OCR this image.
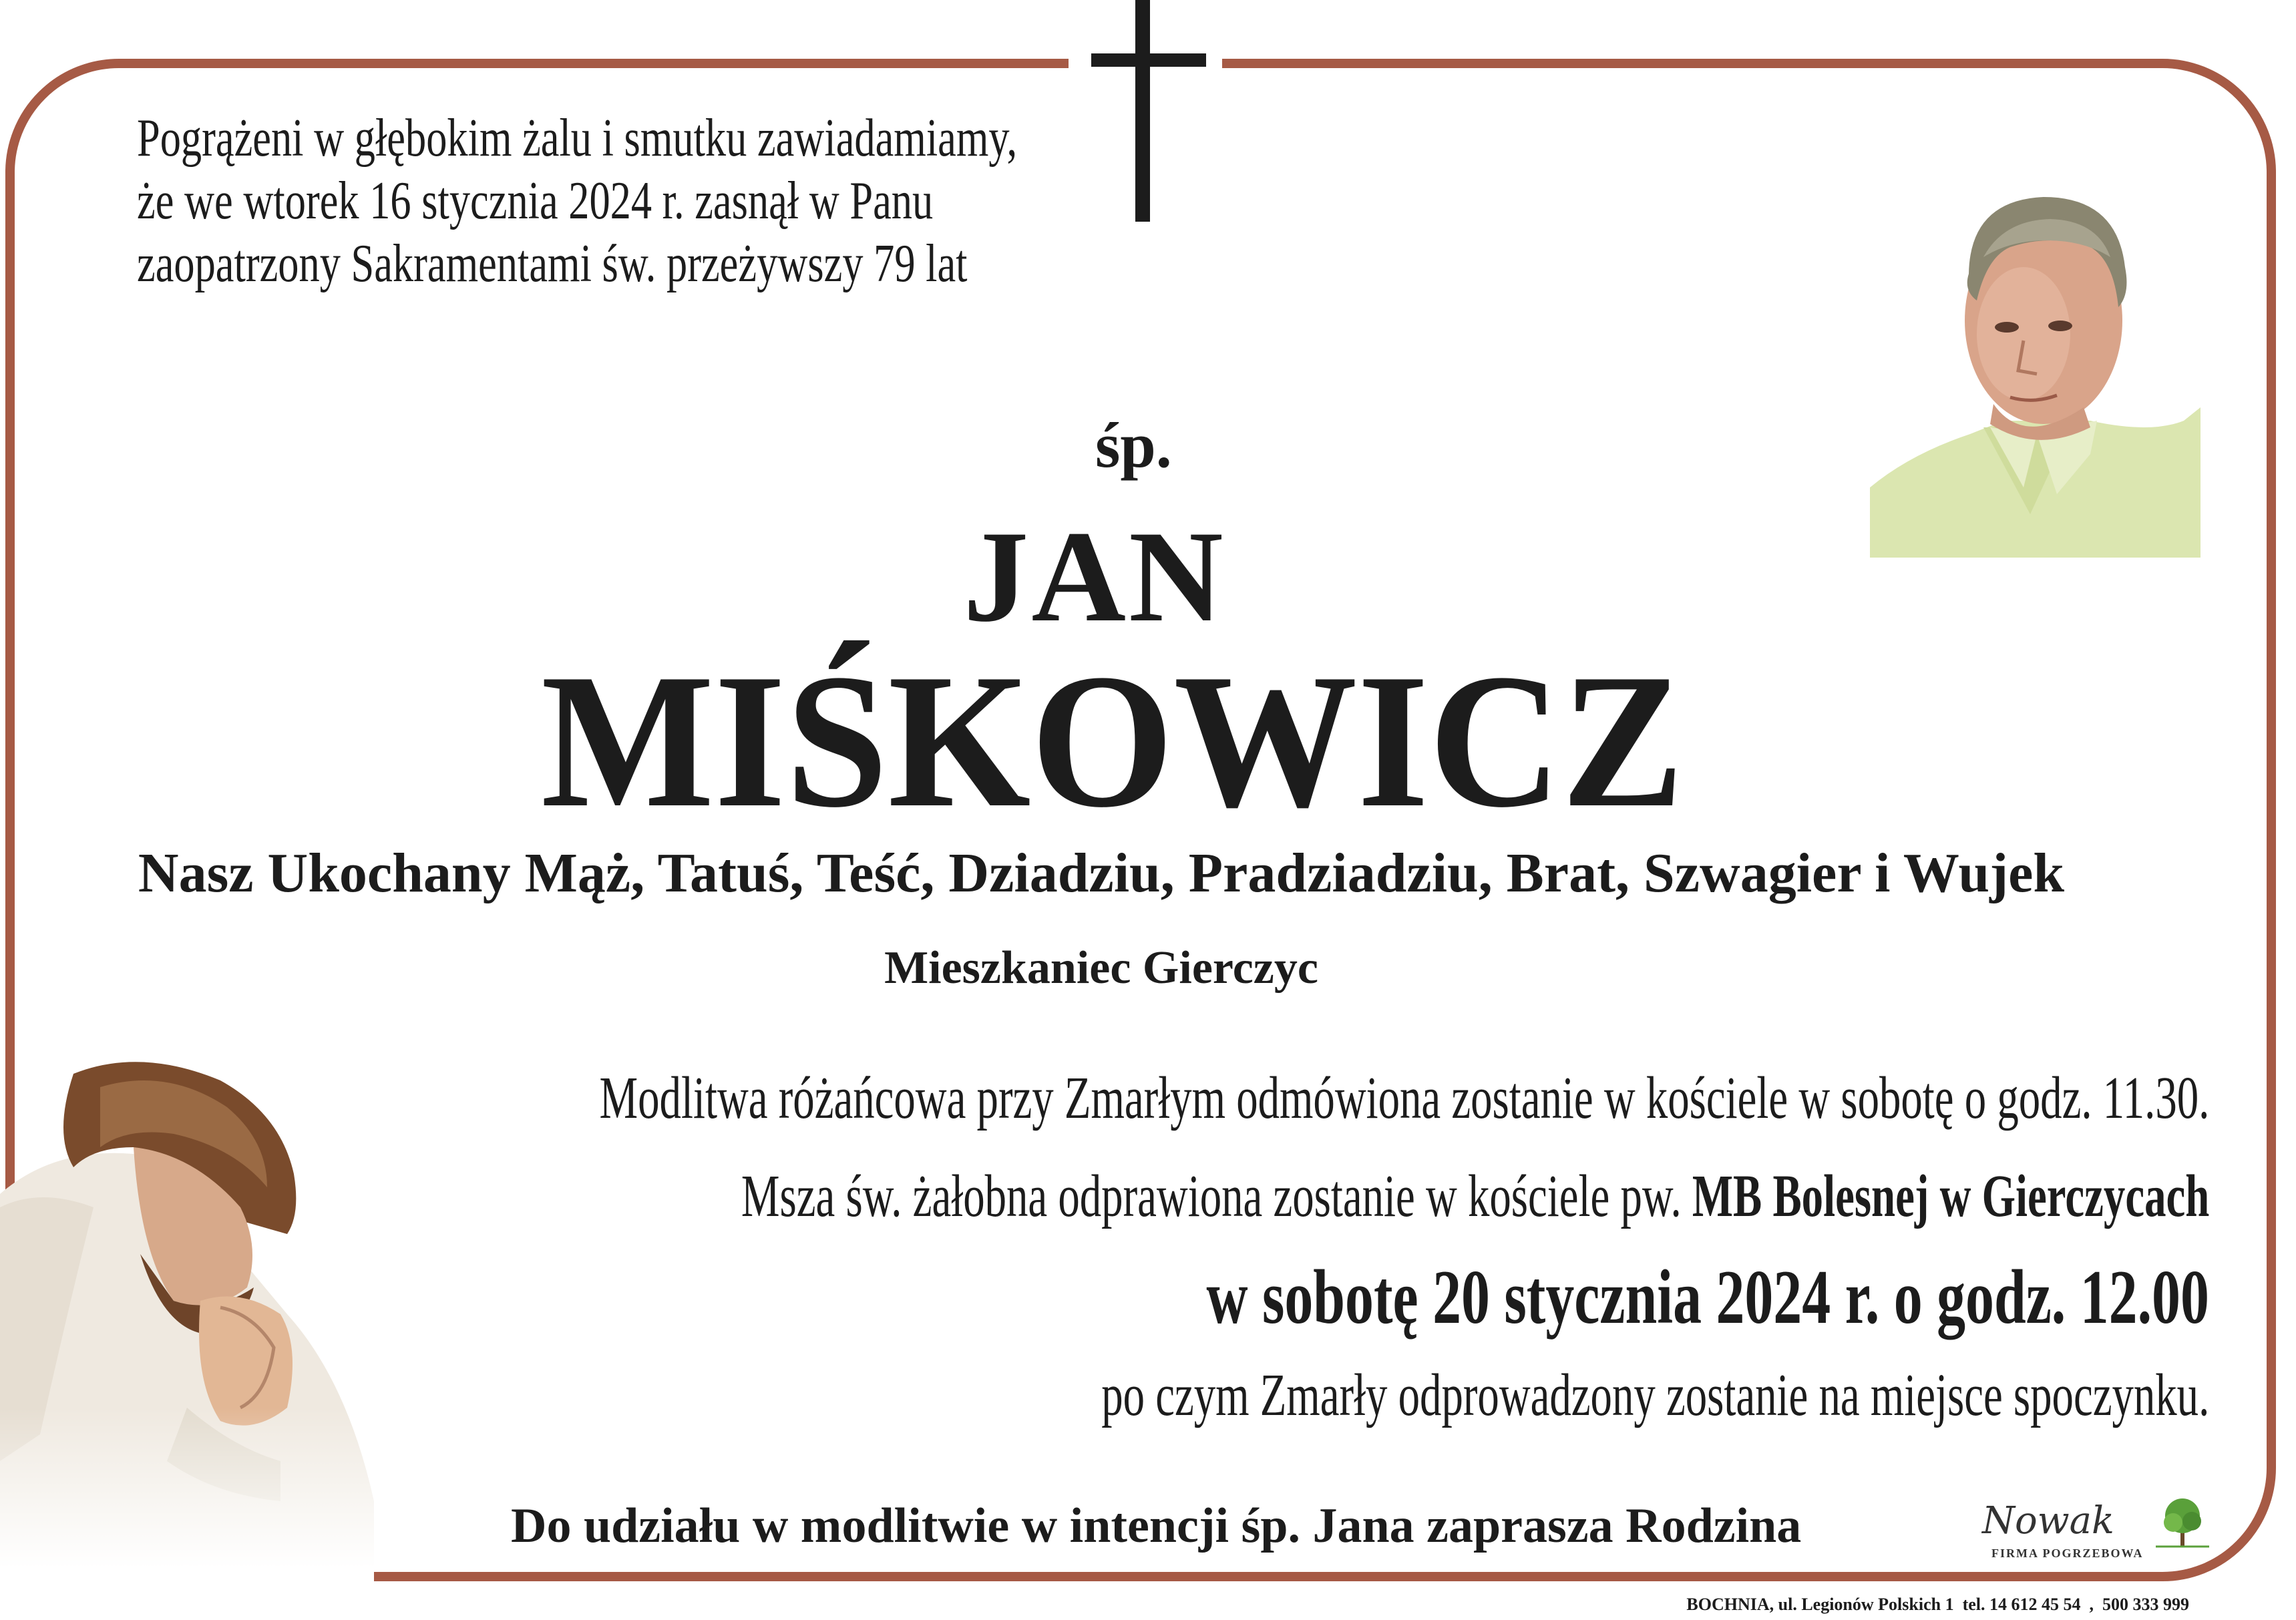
Pogrążeni w głębokim żalu i smutku zawiadamiamy,
że we wtorek 16 stycznia 2024 r. zasnął w Panu
zaopatrzony Sakramentami św. przeżywszy 79 lat
śp.
JAN
MIŚKOWICZ
Nasz Ukochany Mąż, Tatuś, Teść, Dziadziu, Pradziadziu, Brat, Szwagier i Wujek
Mieszkaniec Gierczyc
Modlitwa różańcowa przy Zmarłym odmówiona zostanie w kościele w sobotę o godz. 11.30.
Msza św. żałobna odprawiona zostanie w kościele pw. MB Bolesnej w Gierczycach
w sobotę 20 stycznia 2024 r. o godz. 12.00
po czym Zmarły odprowadzony zostanie na miejsce spoczynku.
Do udziału w modlitwie w intencji śp. Jana zaprasza Rodzina	Nowak
FIRMA POGRZEBOWA
BOCHNIA, ul. Legionów Polskich 1  tel. 14 612 45 54  ,  500 333 999
